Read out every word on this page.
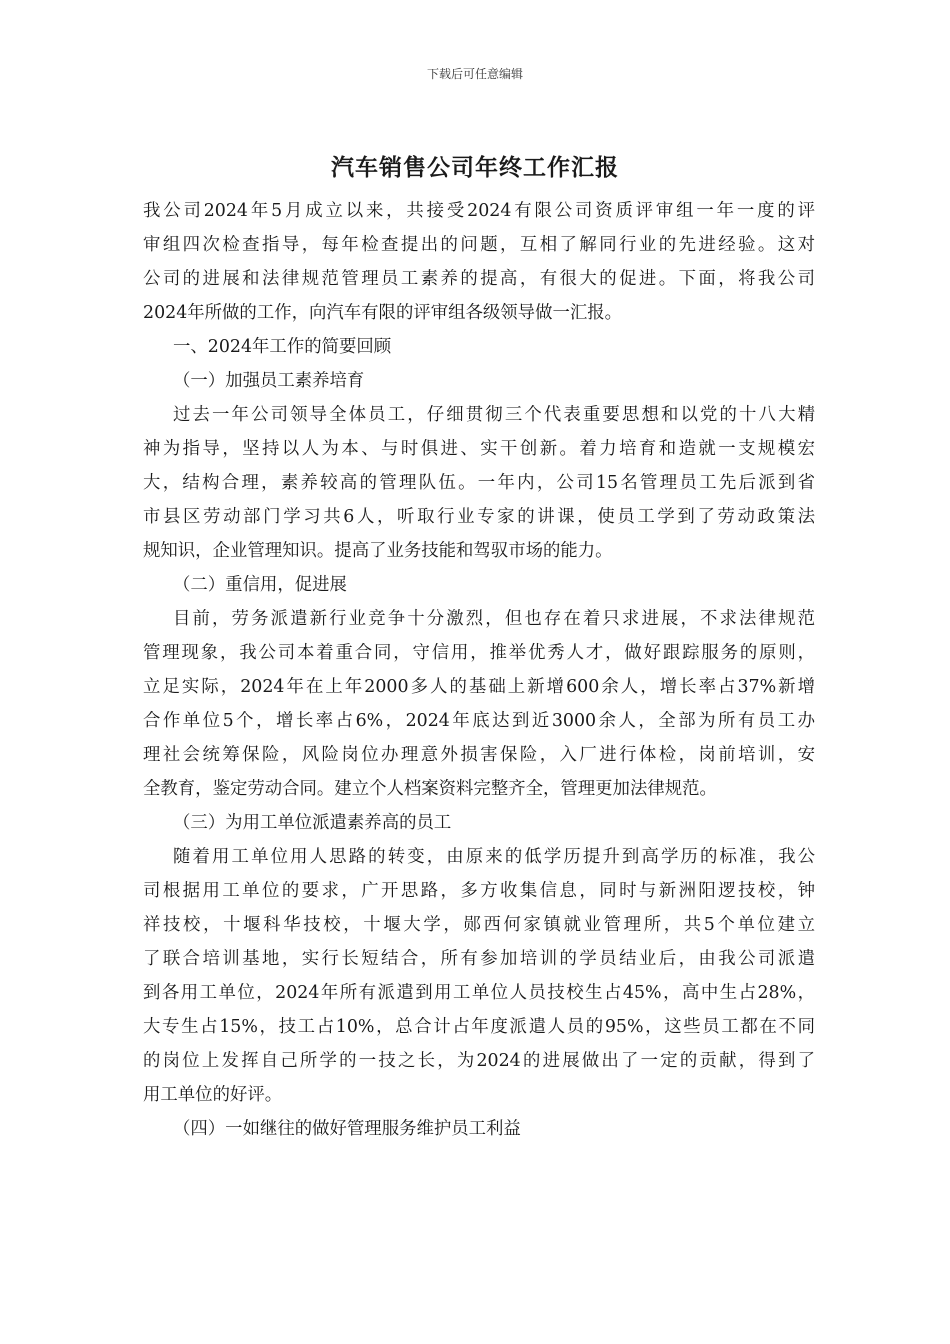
下载后可任意编辑
汽车销售公司年终工作汇报
我公司2024年5月成立以来，共接受2024有限公司资质评审组一年一度的评
审组四次检查指导，每年检查提出的问题，互相了解同行业的先进经验。这对
公司的进展和法律规范管理员工素养的提高，有很大的促进。下面，将我公司
2024年所做的工作，向汽车有限的评审组各级领导做一汇报。
一、2024年工作的简要回顾
（一）加强员工素养培育
过去一年公司领导全体员工，仔细贯彻三个代表重要思想和以党的十八大精
神为指导，坚持以人为本、与时俱进、实干创新。着力培育和造就一支规模宏
大，结构合理，素养较高的管理队伍。一年内，公司15名管理员工先后派到省
市县区劳动部门学习共6人，听取行业专家的讲课，使员工学到了劳动政策法
规知识，企业管理知识。提高了业务技能和驾驭市场的能力。
（二）重信用，促进展
目前，劳务派遣新行业竞争十分激烈，但也存在着只求进展，不求法律规范
管理现象，我公司本着重合同，守信用，推举优秀人才，做好跟踪服务的原则，
立足实际，2024年在上年2000多人的基础上新增600余人，增长率占37%新增
合作单位5个，增长率占6%，2024年底达到近3000余人，全部为所有员工办
理社会统筹保险，风险岗位办理意外损害保险，入厂进行体检，岗前培训，安
全教育，鉴定劳动合同。建立个人档案资料完整齐全，管理更加法律规范。
（三）为用工单位派遣素养高的员工
随着用工单位用人思路的转变，由原来的低学历提升到高学历的标准，我公
司根据用工单位的要求，广开思路，多方收集信息，同时与新洲阳逻技校，钟
祥技校，十堰科华技校，十堰大学，郧西何家镇就业管理所，共5个单位建立
了联合培训基地，实行长短结合，所有参加培训的学员结业后，由我公司派遣
到各用工单位，2024年所有派遣到用工单位人员技校生占45%，高中生占28%，
大专生占15%，技工占10%，总合计占年度派遣人员的95%，这些员工都在不同
的岗位上发挥自己所学的一技之长，为2024的进展做出了一定的贡献，得到了
用工单位的好评。
（四）一如继往的做好管理服务维护员工利益
